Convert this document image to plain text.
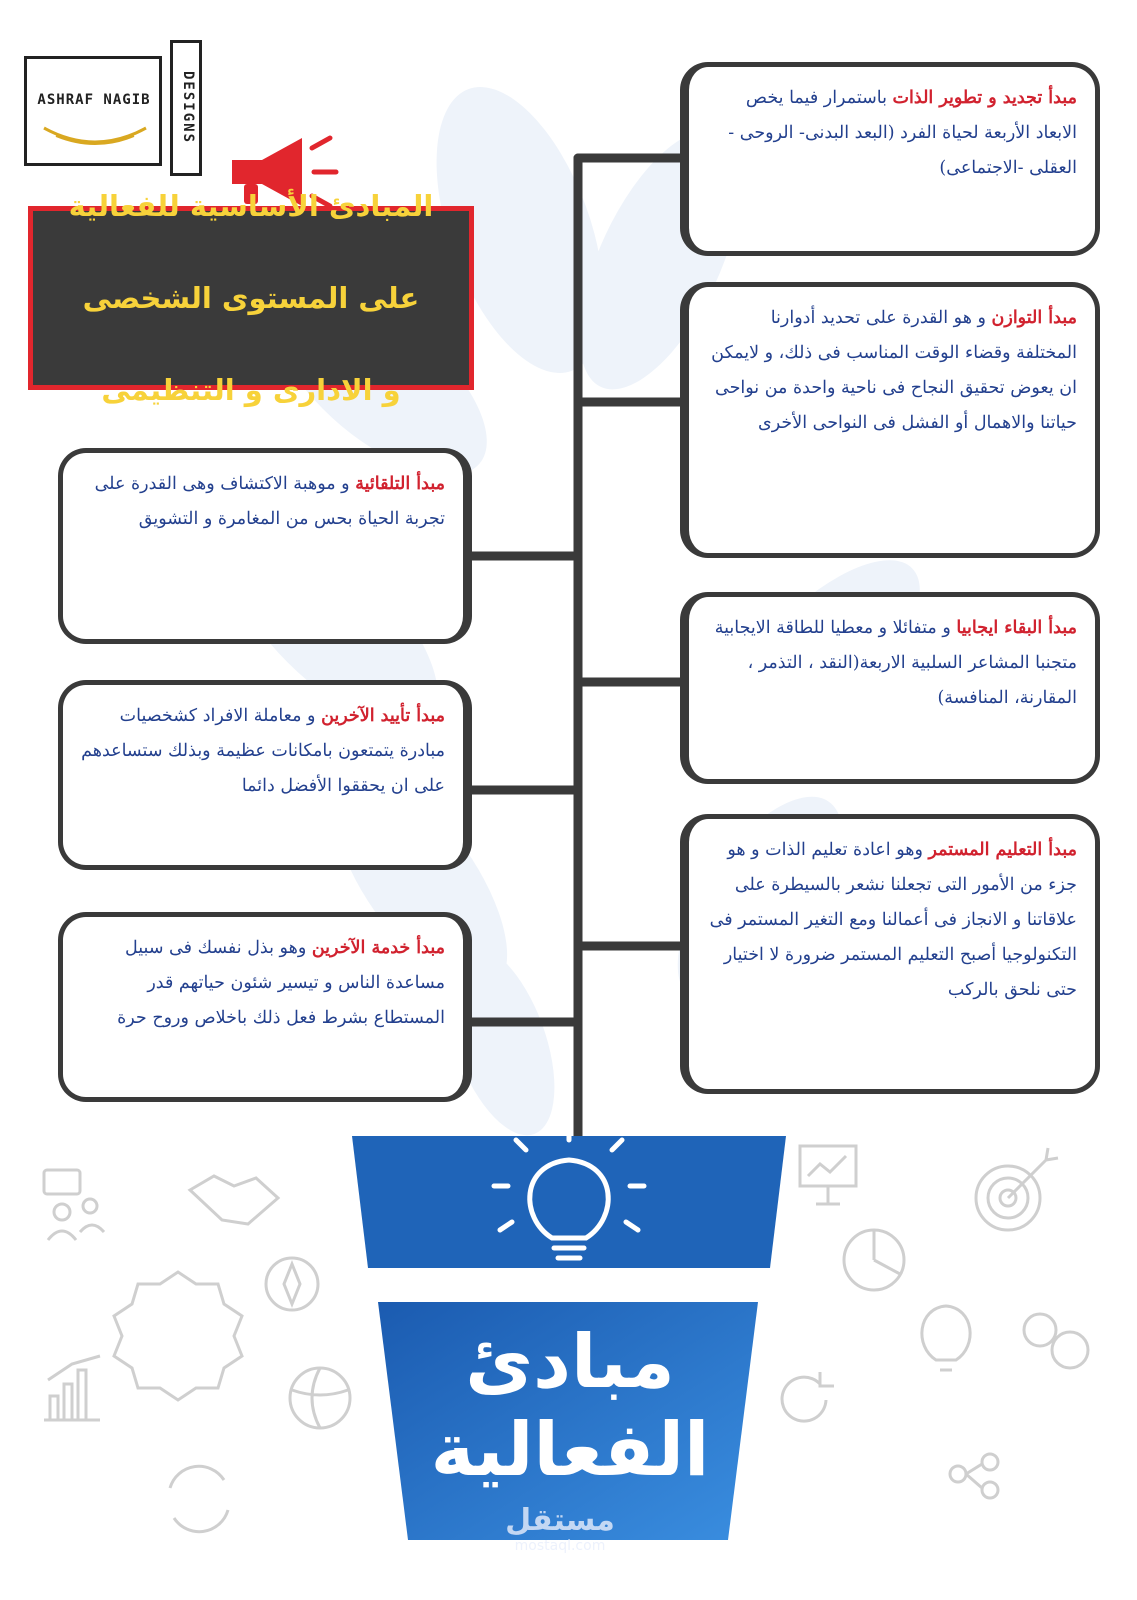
ASHRAF NAGIB	DESIGNS

المبادئ الأساسية للفعالية

على المستوى الشخصى

و الادارى و التنظيمى

مبدأ تجديد و تطوير الذات باستمرار فيما يخص الابعاد الأربعة لحياة الفرد (البعد البدنى- الروحى - العقلى -الاجتماعى)
مبدأ التوازن و هو القدرة على تحديد أدوارنا المختلفة وقضاء الوقت المناسب فى ذلك، و لايمكن ان يعوض تحقيق النجاح فى ناحية واحدة من نواحى حياتنا والاهمال أو الفشل فى النواحى الأخرى
مبدأ البقاء ايجابيا و متفائلا و معطيا للطاقة الايجابية متجنبا المشاعر السلبية الاربعة(النقد ، التذمر ، المقارنة، المنافسة)
مبدأ التعليم المستمر وهو اعادة تعليم الذات و هو جزء من الأمور التى تجعلنا نشعر بالسيطرة على علاقاتنا و الانجاز فى أعمالنا ومع التغير المستمر فى التكنولوجيا أصبح التعليم المستمر ضرورة لا اختيار حتى نلحق بالركب
مبدأ التلقائية و موهبة الاكتشاف وهى القدرة على تجربة الحياة بحس من المغامرة و التشويق
مبدأ تأييد الآخرين و معاملة الافراد كشخصيات مبادرة يتمتعون بامكانات عظيمة وبذلك ستساعدهم على ان يحققوا الأفضل دائما
مبدأ خدمة الآخرين وهو بذل نفسك فى سبيل مساعدة الناس و تيسير شئون حياتهم قدر المستطاع بشرط فعل ذلك باخلاص وروح حرة
مبادئ
الفعالية
مستقل
mostaql.com
